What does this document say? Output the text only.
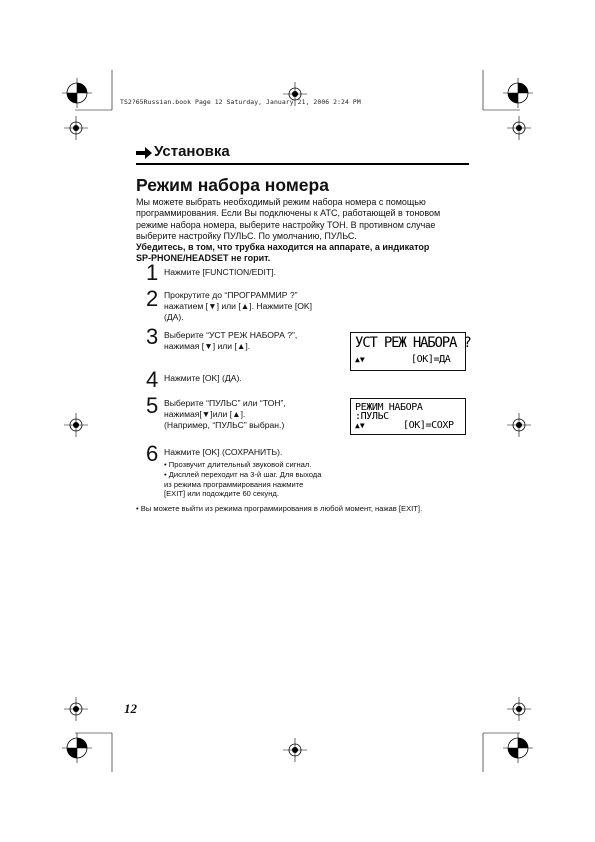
TS2?65Russian.book Page 12 Saturday, January 21, 2006 2:24 PM
Установка
Режим набора номера

Мы можете выбрать необходимый режим набора номера с помощью

программирования. Если Вы подключены к АТС, работающей в тоновом

режиме набора номера, выберите настройку ТОН. В противном случае

выберите настройку ПУЛЬС. По умолчанию, ПУЛЬС.

Убедитесь, в том, что трубка находится на аппарате, а индикатор

SP-PHONE/HEADSET не горит.

1 Нажмите [FUNCTION/EDIT].
2 Прокрутите до “ПРОГРАММИР ?”
нажатием [▼] или [▲]. Нажмите [OK]
(ДА).
3 Выберите “УСТ РЕЖ НАБОРА ?”,
нажимая [▼] или [▲].
4 Нажмите [OK] (ДА).
5 Выберите “ПУЛЬС” или “ТОН”,
нажимая[▼]или [▲].
(Например, “ПУЛЬС” выбран.)
6 Нажмите [OK] (СОХРАНИТЬ).
• Прозвучит длительный звуковой сигнал.
• Дисплей переходит на 3-й шаг. Для выхода
из режима программирования нажмите
[EXIT] или подождите 60 секунд.
УСТ РЕЖ НАБОРА ?
▲▼	[OK]=ДА
РЕЖИМ НАБОРА
:ПУЛЬС
▲▼	[OK]=СОХР
• Вы можете выйти из режима программирования в любой момент, нажав [EXIT].
12
